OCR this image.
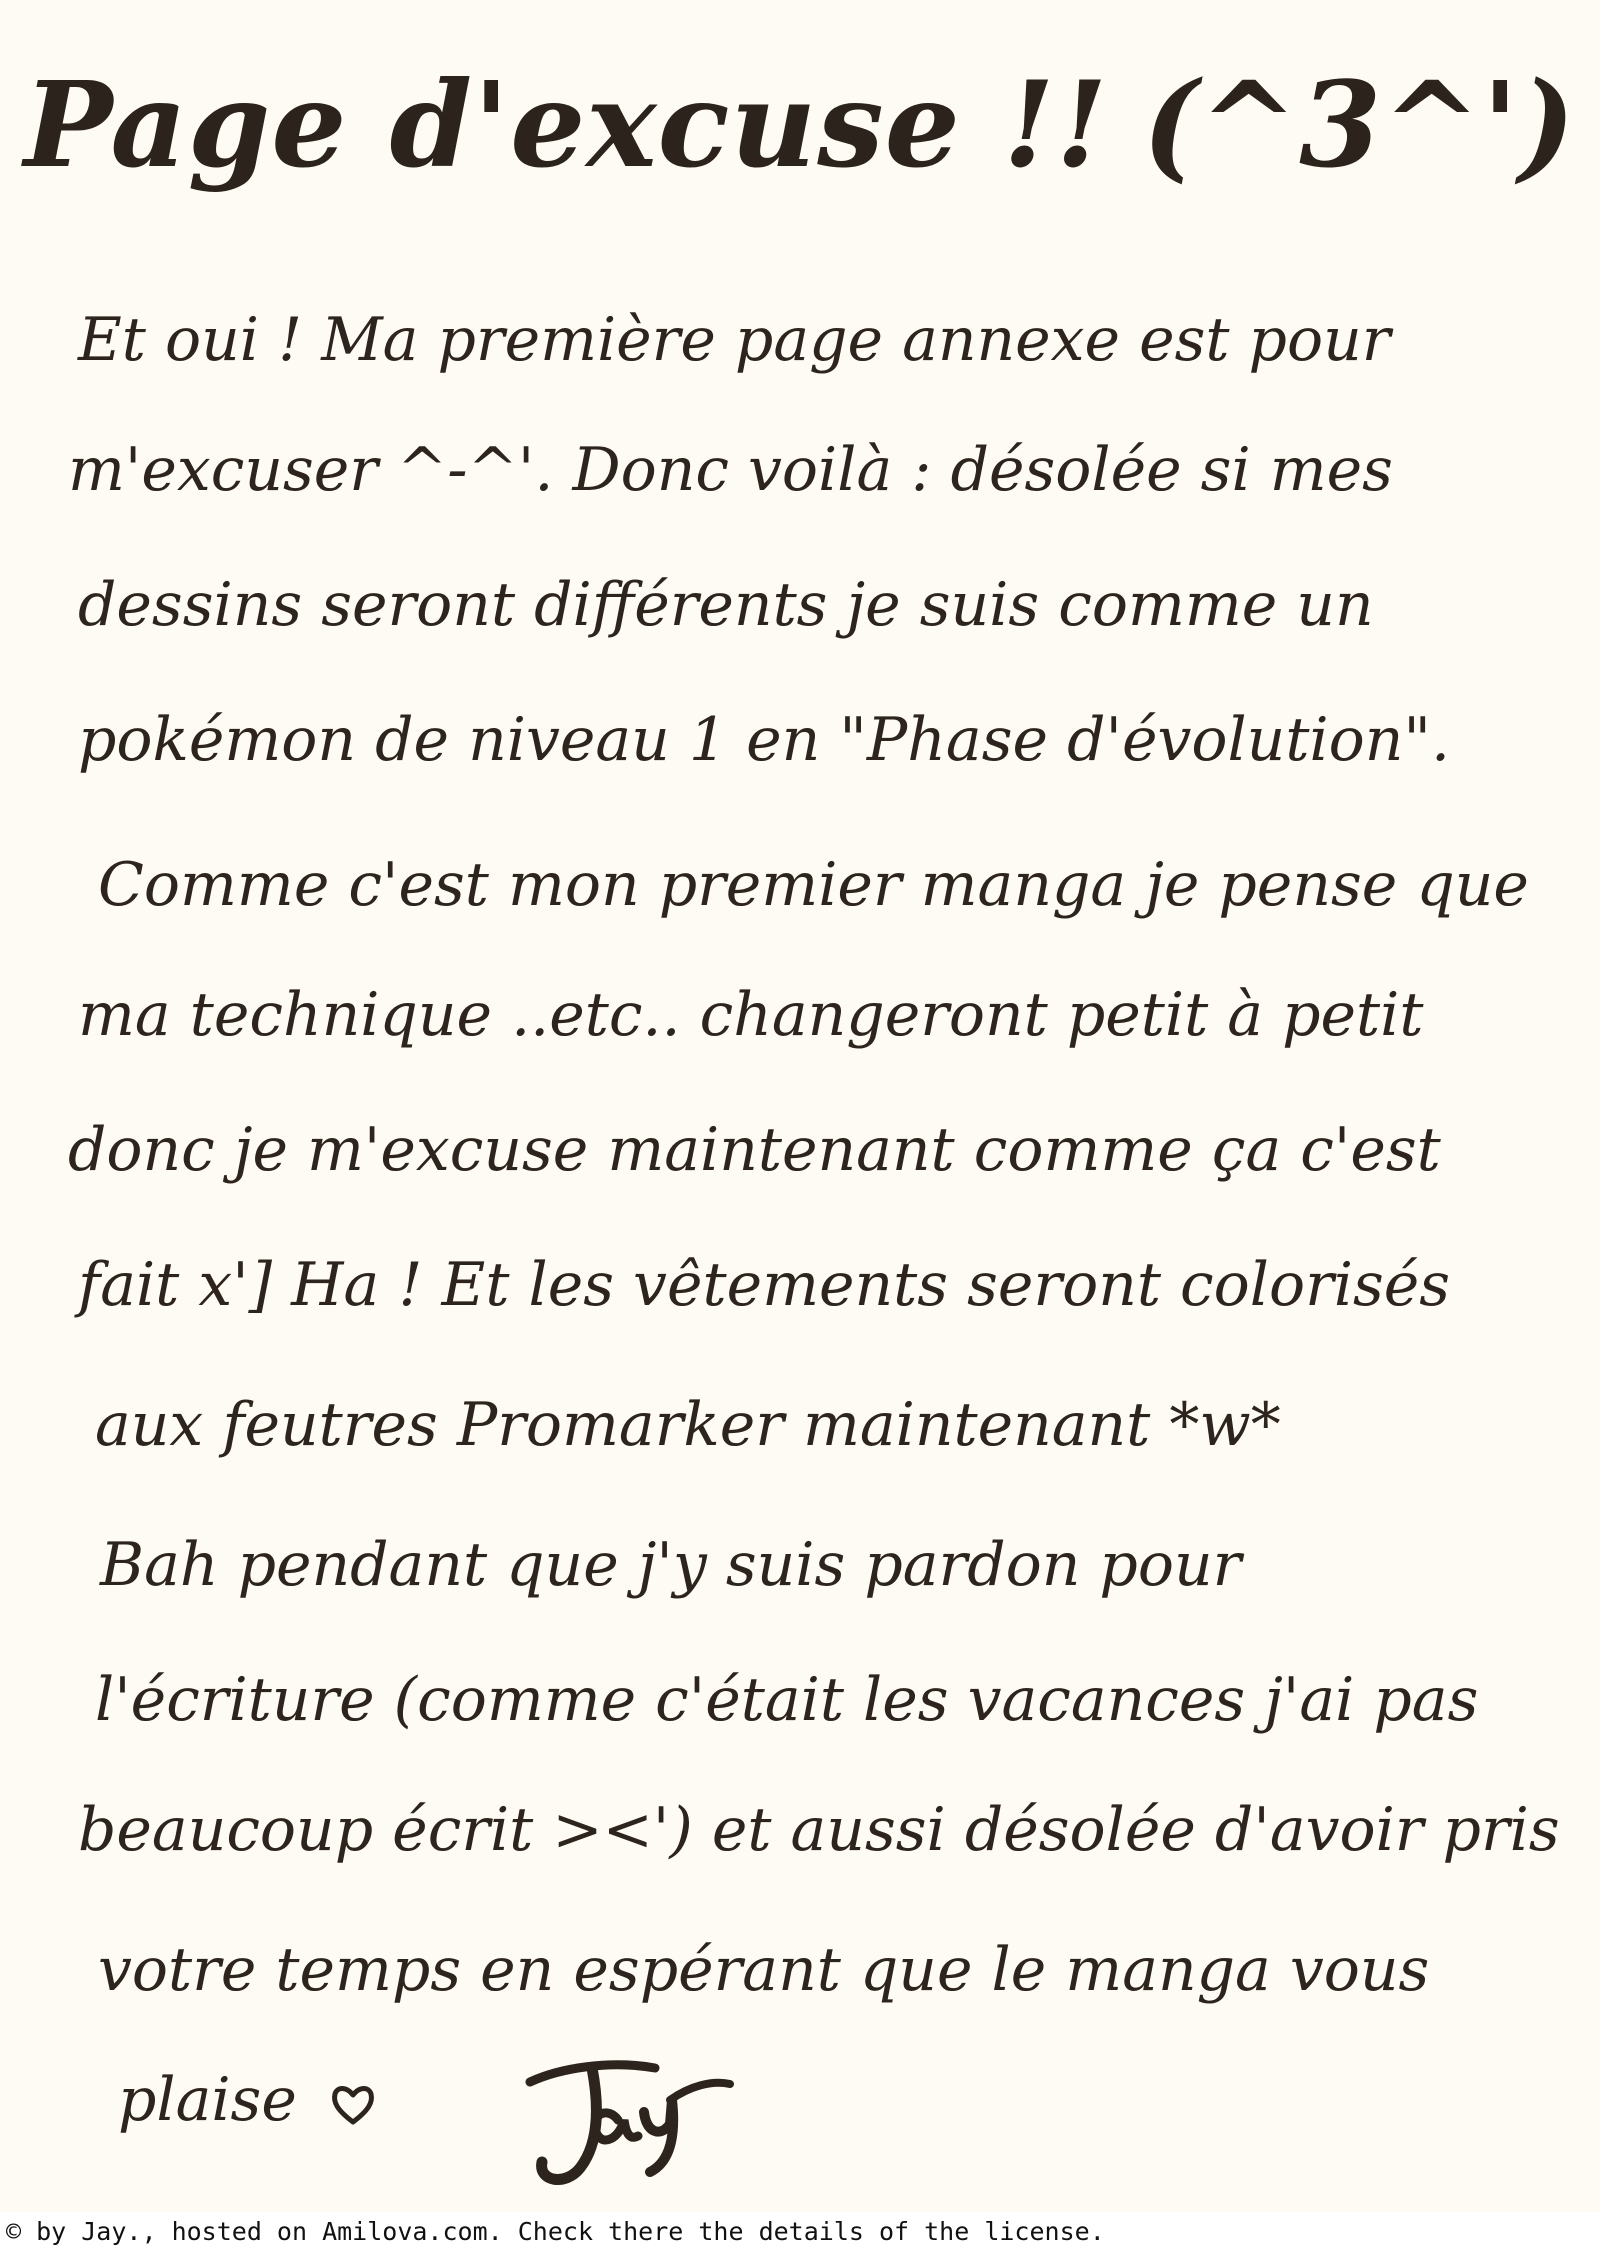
Page d'excuse !! (^3^')
Et oui ! Ma première page annexe est pour
m'excuser ^-^'. Donc voilà : désolée si mes
dessins seront différents je suis comme un
pokémon de niveau 1 en "Phase d'évolution".
Comme c'est mon premier manga je pense que
ma technique ..etc.. changeront petit à petit
donc je m'excuse maintenant comme ça c'est
fait x'] Ha ! Et les vêtements seront colorisés
aux feutres Promarker maintenant *w*
Bah pendant que j'y suis pardon pour
l'écriture (comme c'était les vacances j'ai pas
beaucoup écrit ><') et aussi désolée d'avoir pris
votre temps en espérant que le manga vous
plaise
© by Jay., hosted on Amilova.com. Check there the details of the license.
